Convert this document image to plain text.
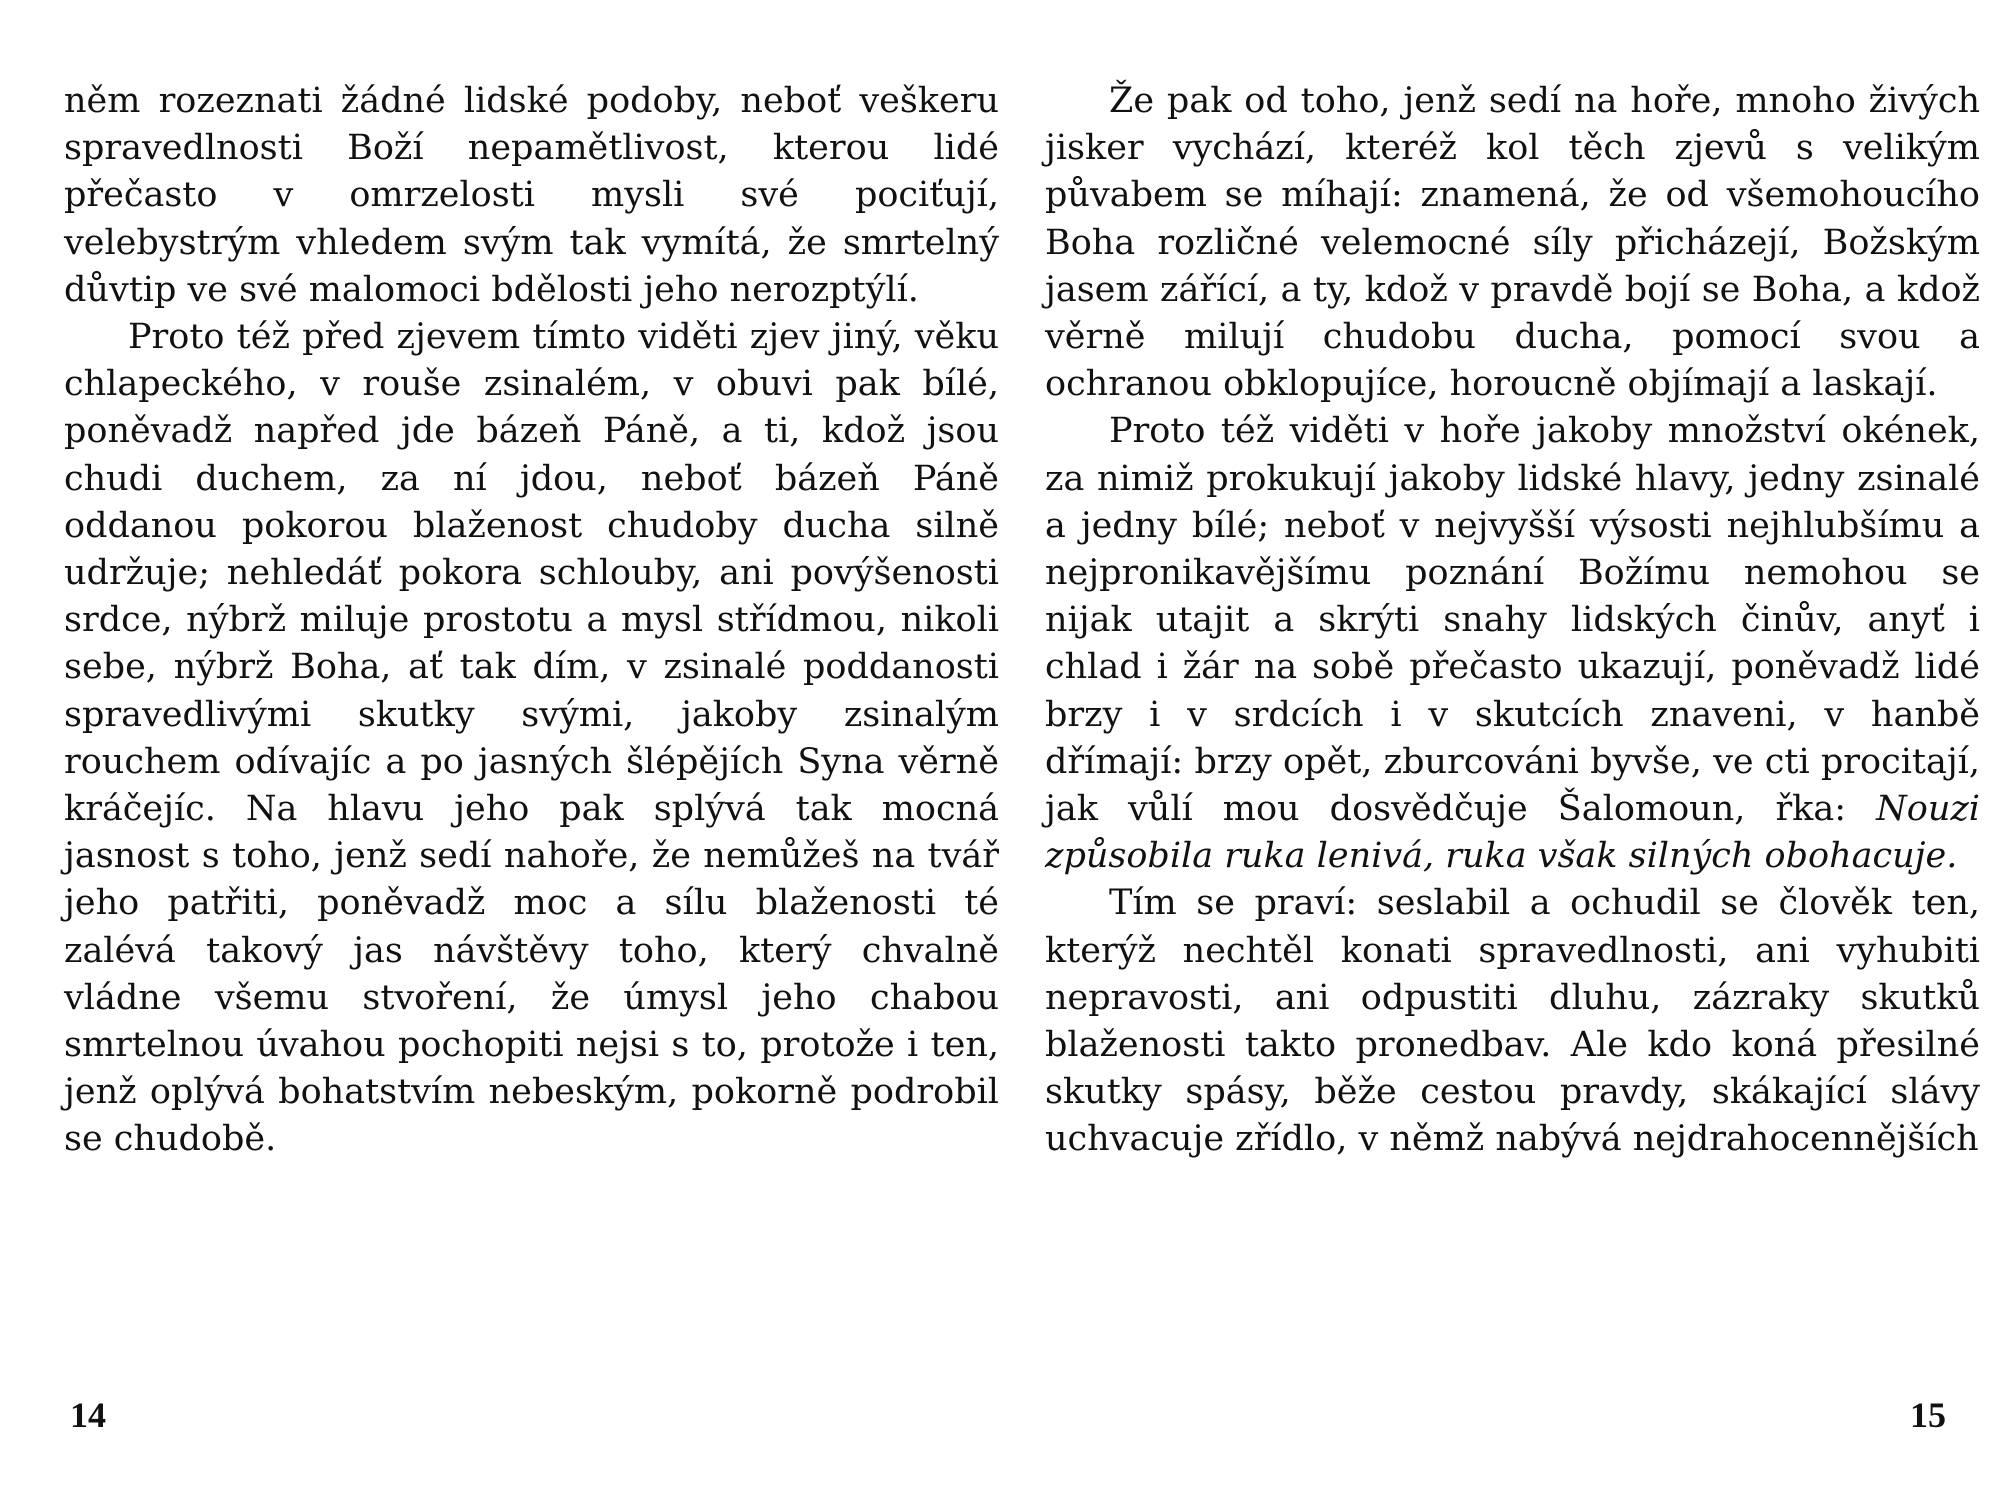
něm rozeznati žádné lidské podoby, neboť veškeru spravedlnosti Boží nepamětlivost, kterou lidé přečasto v omrzelosti mysli své pociťují, velebystrým vhledem svým tak vymítá, že smrtelný důvtip ve své malomoci bdělosti jeho nerozptýlí.

Proto též před zjevem tímto viděti zjev jiný, věku chlapeckého, v rouše zsinalém, v obuvi pak bílé, poněvadž napřed jde bázeň Páně, a ti, kdož jsou chudi duchem, za ní jdou, neboť bázeň Páně oddanou pokorou blaženost chudoby ducha silně udržuje; nehledáť pokora schlouby, ani povýšenosti srdce, nýbrž miluje prostotu a mysl střídmou, nikoli sebe, nýbrž Boha, ať tak dím, v zsinalé poddanosti spravedlivými skutky svými, jakoby zsinalým rouchem odívajíc a po jasných šlépějích Syna věrně kráčejíc. Na hlavu jeho pak splývá tak mocná jasnost s toho, jenž sedí nahoře, že nemůžeš na tvář jeho patřiti, poněvadž moc a sílu blaženosti té zalévá takový jas návštěvy toho, který chvalně vládne všemu stvoření, že úmysl jeho chabou smrtelnou úvahou pochopiti nejsi s to, protože i ten, jenž oplývá bohatstvím nebeským, pokorně podrobil se chudobě.

14

Že pak od toho, jenž sedí na hoře, mnoho živých jisker vychází, kteréž kol těch zjevů s velikým půvabem se míhají: znamená, že od všemohoucího Boha rozličné velemocné síly přicházejí, Božským jasem zářící, a ty, kdož v pravdě bojí se Boha, a kdož věrně milují chudobu ducha, pomocí svou a ochranou obklopujíce, horoucně objímají a laskají.

Proto též viděti v hoře jakoby množství okének, za nimiž prokukují jakoby lidské hlavy, jedny zsinalé a jedny bílé; neboť v nejvyšší výsosti nejhlubšímu a nejpronikavějšímu poznání Božímu nemohou se nijak utajit a skrýti snahy lidských činův, anyť i chlad i žár na sobě přečasto ukazují, poněvadž lidé brzy i v srdcích i v skutcích znaveni, v hanbě dřímají: brzy opět, zburcováni byvše, ve cti procitají, jak vůlí mou dosvědčuje Šalomoun, řka: Nouzi způsobila ruka lenivá, ruka však silných obohacuje.

Tím se praví: seslabil a ochudil se člověk ten, kterýž nechtěl konati spravedlnosti, ani vyhubiti nepravosti, ani odpustiti dluhu, zázraky skutků blaženosti takto pronedbav. Ale kdo koná přesilné skutky spásy, běže cestou pravdy, skákající slávy uchvacuje zřídlo, v němž nabývá nejdrahocennějších

15
